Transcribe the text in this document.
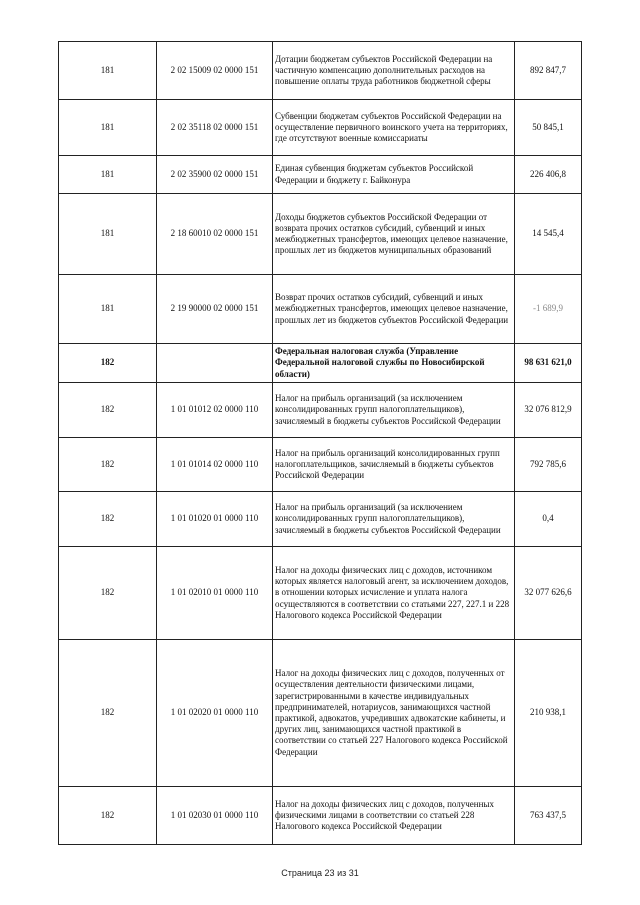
181	2 02 15009 02 0000 151	Дотации бюджетам субъектов Российской Федерации на частичную компенсацию дополнительных расходов на повышение оплаты труда работников бюджетной сферы	892 847,7
181	2 02 35118 02 0000 151	Субвенции бюджетам субъектов Российской Федерации на осуществление первичного воинского учета на территориях, где отсутствуют военные комиссариаты	50 845,1
181	2 02 35900 02 0000 151	Единая субвенция бюджетам субъектов Российской Федерации и бюджету г. Байконура	226 406,8
181	2 18 60010 02 0000 151	Доходы бюджетов субъектов Российской Федерации от возврата прочих остатков субсидий, субвенций и иных межбюджетных трансфертов, имеющих целевое назначение, прошлых лет из бюджетов муниципальных образований	14 545,4
181	2 19 90000 02 0000 151	Возврат прочих остатков субсидий, субвенций и иных межбюджетных трансфертов, имеющих целевое назначение, прошлых лет из бюджетов субъектов Российской Федерации	-1 689,9
182		Федеральная налоговая служба (Управление Федеральной налоговой службы по Новосибирской области)	98 631 621,0
182	1 01 01012 02 0000 110	Налог на прибыль организаций (за исключением консолидированных групп налогоплательщиков), зачисляемый в бюджеты субъектов Российской Федерации	32 076 812,9
182	1 01 01014 02 0000 110	Налог на прибыль организаций консолидированных групп налогоплательщиков, зачисляемый в бюджеты субъектов Российской Федерации	792 785,6
182	1 01 01020 01 0000 110	Налог на прибыль организаций (за исключением консолидированных групп налогоплательщиков), зачисляемый в бюджеты субъектов Российской Федерации	0,4
182	1 01 02010 01 0000 110	Налог на доходы физических лиц с доходов, источником которых является налоговый агент, за исключением доходов, в отношении которых исчисление и уплата налога осуществляются в соответствии со статьями 227, 227.1 и 228 Налогового кодекса Российской Федерации	32 077 626,6
182	1 01 02020 01 0000 110	Налог на доходы физических лиц с доходов, полученных от осуществления деятельности физическими лицами, зарегистрированными в качестве индивидуальных предпринимателей, нотариусов, занимающихся частной практикой, адвокатов, учредивших адвокатские кабинеты, и других лиц, занимающихся частной практикой в соответствии со статьей 227 Налогового кодекса Российской Федерации	210 938,1
182	1 01 02030 01 0000 110	Налог на доходы физических лиц с доходов, полученных физическими лицами в соответствии со статьей 228 Налогового кодекса Российской Федерации	763 437,5
Страница 23 из 31
